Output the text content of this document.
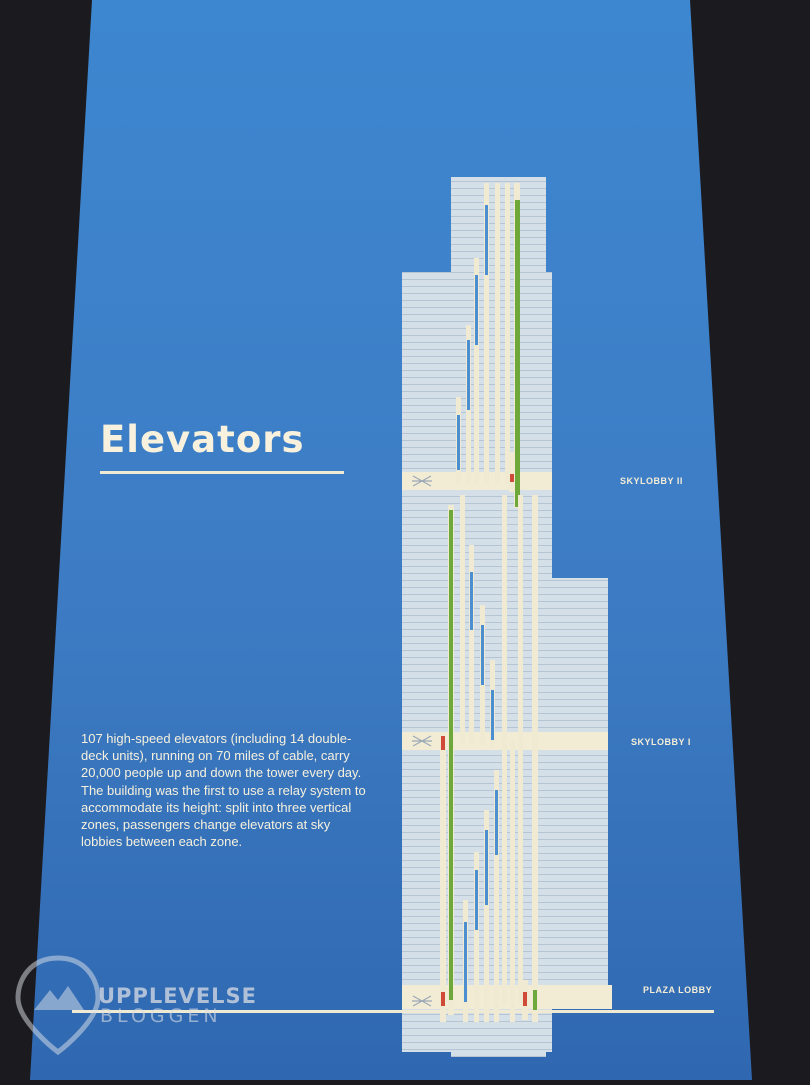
Elevators
107 high-speed elevators (including 14 double-deck units), running on 70 miles of cable, carry 20,000 people up and down the tower every day. The building was the first to use a relay system to accommodate its height: split into three vertical zones, passengers change elevators at sky lobbies between each zone.
SKYLOBBY II
SKYLOBBY I
PLAZA LOBBY
UPPLEVELSE
BLOGGEN
